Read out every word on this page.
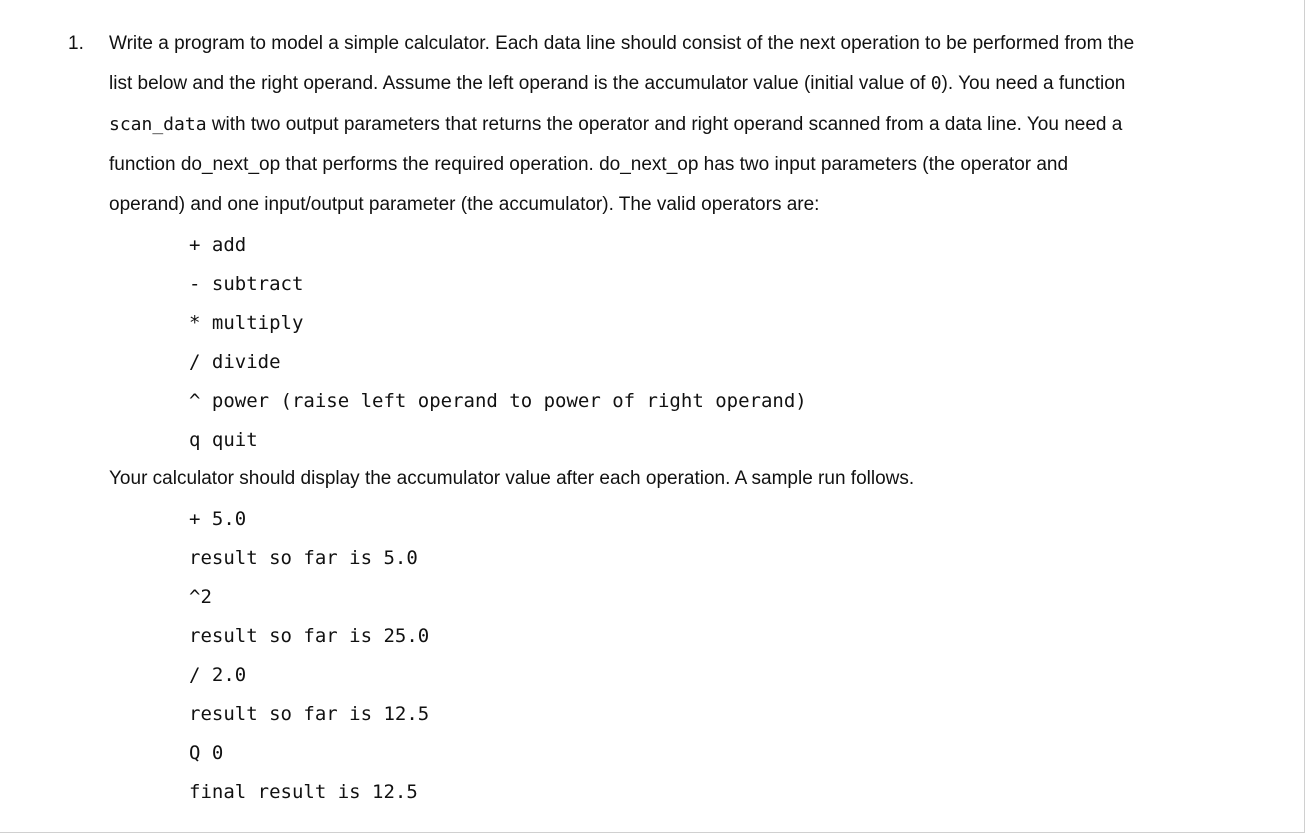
1. Write a program to model a simple calculator. Each data line should consist of the next operation to be performed from the
list below and the right operand. Assume the left operand is the accumulator value (initial value of 0). You need a function
scan_data with two output parameters that returns the operator and right operand scanned from a data line. You need a
function do_next_op that performs the required operation. do_next_op has two input parameters (the operator and
operand) and one input/output parameter (the accumulator). The valid operators are:
+ add
- subtract
* multiply
/ divide
^ power (raise left operand to power of right operand)
q quit
Your calculator should display the accumulator value after each operation. A sample run follows.
+ 5.0
result so far is 5.0
^2
result so far is 25.0
/ 2.0
result so far is 12.5
Q 0
final result is 12.5
